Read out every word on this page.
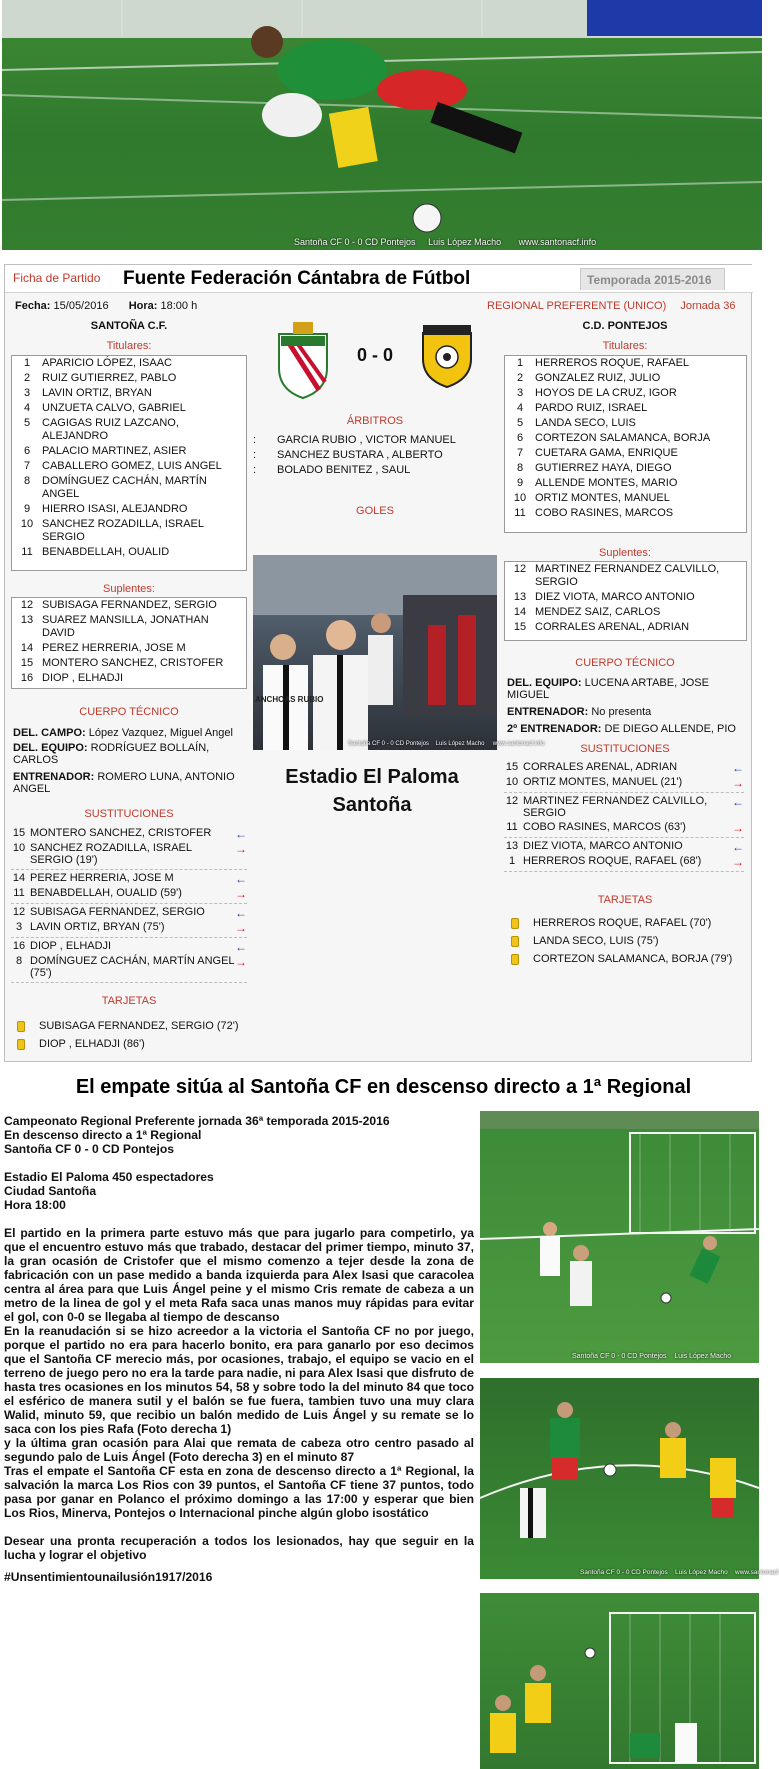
Santoña CF 0 - 0 CD Pontejos     Luis López Macho       www.santonacf.info
Ficha de Partido Fuente Federación Cántabra de Fútbol	Temporada 2015-2016
Fecha: 15/05/2016 Hora: 18:00 h	REGIONAL PREFERENTE (UNICO) Jornada 36
SANTOÑA C.F.	C.D. PONTEJOS
0 - 0
ÁRBITROS
: GARCIA RUBIO , VICTOR MANUEL
: SANCHEZ BUSTARA , ALBERTO
: BOLADO BENITEZ , SAUL
GOLES
ANCHOAS RUBIO
Santoña CF 0 - 0 CD Pontejos    Luis López Macho     www.santonacf.info
Estadio El Paloma
Santoña
Titulares:
1	APARICIO LÓPEZ, ISAAC
2	RUIZ GUTIERREZ, PABLO
3	LAVIN ORTIZ, BRYAN
4	UNZUETA CALVO, GABRIEL
5	CAGIGAS RUIZ LAZCANO, ALEJANDRO
6	PALACIO MARTINEZ, ASIER
7	CABALLERO GOMEZ, LUIS ANGEL
8	DOMÍNGUEZ CACHÁN, MARTÍN ANGEL
9	HIERRO ISASI, ALEJANDRO
10 SANCHEZ ROZADILLA, ISRAEL SERGIO
11 BENABDELLAH, OUALID
Suplentes:
12 SUBISAGA FERNANDEZ, SERGIO
13 SUAREZ MANSILLA, JONATHAN DAVID
14 PEREZ HERRERIA, JOSE M
15 MONTERO SANCHEZ, CRISTOFER
16 DIOP , ELHADJI
CUERPO TÉCNICO
DEL. CAMPO: López Vazquez, Miguel Angel
DEL. EQUIPO: RODRÍGUEZ BOLLAÍN, CARLOS
ENTRENADOR: ROMERO LUNA, ANTONIO ANGEL
SUSTITUCIONES
15 MONTERO SANCHEZ, CRISTOFER	←
10 SANCHEZ ROZADILLA, ISRAEL SERGIO (19')
→
14 PEREZ HERRERIA, JOSE M	←
11 BENABDELLAH, OUALID (59')	→
12 SUBISAGA FERNANDEZ, SERGIO	←
3 LAVIN ORTIZ, BRYAN (75')	→
16 DIOP , ELHADJI	←
8 DOMÍNGUEZ CACHÁN, MARTÍN ANGEL (75')
→
TARJETAS
SUBISAGA FERNANDEZ, SERGIO (72')
DIOP , ELHADJI (86')
Titulares:
1	HERREROS ROQUE, RAFAEL
2	GONZALEZ RUIZ, JULIO
3	HOYOS DE LA CRUZ, IGOR
4	PARDO RUIZ, ISRAEL
5	LANDA SECO, LUIS
6	CORTEZON SALAMANCA, BORJA
7	CUETARA GAMA, ENRIQUE
8	GUTIERREZ HAYA, DIEGO
9	ALLENDE MONTES, MARIO
10 ORTIZ MONTES, MANUEL
11 COBO RASINES, MARCOS
Suplentes:
12 MARTINEZ FERNANDEZ CALVILLO, SERGIO
13 DIEZ VIOTA, MARCO ANTONIO
14 MENDEZ SAIZ, CARLOS
15 CORRALES ARENAL, ADRIAN
CUERPO TÉCNICO
DEL. EQUIPO: LUCENA ARTABE, JOSE MIGUEL
ENTRENADOR: No presenta
2º ENTRENADOR: DE DIEGO ALLENDE, PIO
SUSTITUCIONES
15 CORRALES ARENAL, ADRIAN	←
10 ORTIZ MONTES, MANUEL (21')	→
12 MARTINEZ FERNANDEZ CALVILLO, SERGIO
←
11 COBO RASINES, MARCOS (63')	→
13 DIEZ VIOTA, MARCO ANTONIO	←
1 HERREROS ROQUE, RAFAEL (68')	→
TARJETAS
HERREROS ROQUE, RAFAEL (70')
LANDA SECO, LUIS (75')
CORTEZON SALAMANCA, BORJA (79')
El empate sitúa al Santoña CF en descenso directo a 1ª Regional

Campeonato Regional Preferente jornada 36ª temporada 2015-2016

En descenso directo a 1ª Regional

Santoña CF 0 - 0 CD Pontejos

Estadio El Paloma 450 espectadores

Ciudad Santoña

Hora 18:00

El partido en la primera parte estuvo más que para jugarlo para competirlo, ya que el encuentro estuvo más que trabado, destacar del primer tiempo, minuto 37, la gran ocasión de Cristofer que el mismo comenzo a tejer desde la zona de fabricación con un pase medido a banda izquierda para Alex Isasi que caracolea centra al área para que Luis Ángel peine y el mismo Cris remate de cabeza a un metro de la linea de gol y el meta Rafa saca unas manos muy rápidas para evitar el gol, con 0-0 se llegaba al tiempo de descanso

En la reanudación si se hizo acreedor a la victoria el Santoña CF no por juego, porque el partido no era para hacerlo bonito, era para ganarlo por eso decimos que el Santoña CF merecio más, por ocasiones, trabajo, el equipo se vacio en el terreno de juego pero no era la tarde para nadie, ni para Alex Isasi que disfruto de hasta tres ocasiones en los minutos 54, 58 y sobre todo la del minuto 84 que toco el esférico de manera sutil y el balón se fue fuera, tambien tuvo una muy clara Walid, minuto 59, que recibio un balón medido de Luis Ángel y su remate se lo saca con los pies Rafa (Foto derecha 1)

y la última gran ocasión para Alai que remata de cabeza otro centro pasado al segundo palo de Luis Ángel (Foto derecha 3) en el minuto 87

Tras el empate el Santoña CF esta en zona de descenso directo a 1ª Regional, la salvación la marca Los Rios con 39 puntos, el Santoña CF tiene 37 puntos, todo pasa por ganar en Polanco el próximo domingo a las 17:00 y esperar que bien Los Rios, Minerva, Pontejos o Internacional pinche algún globo isostático

Desear una pronta recuperación a todos los lesionados, hay que seguir en la lucha y lograr el objetivo

#Unsentimientounailusión1917/2016

Santoña CF 0 - 0 CD Pontejos    Luis López Macho
Santoña CF 0 - 0 CD Pontejos    Luis López Macho    www.santonacf
